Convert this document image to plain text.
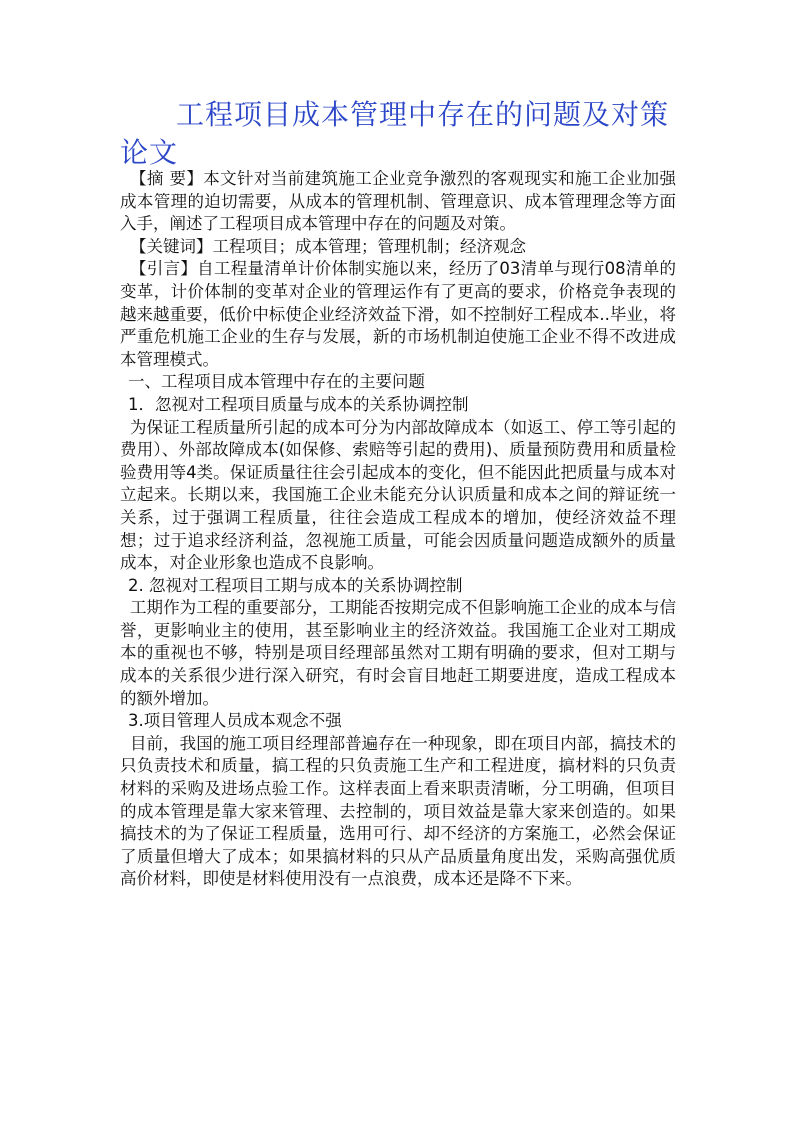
工程项目成本管理中存在的问题及对策论文

【摘 要】本文针对当前建筑施工企业竞争激烈的客观现实和施工企业加强成本管理的迫切需要，从成本的管理机制、管理意识、成本管理理念等方面入手，阐述了工程项目成本管理中存在的问题及对策。

【关键词】工程项目；成本管理；管理机制；经济观念

【引言】自工程量清单计价体制实施以来，经历了03清单与现行08清单的变革，计价体制的变革对企业的管理运作有了更高的要求，价格竞争表现的越来越重要，低价中标使企业经济效益下滑，如不控制好工程成本..毕业，将严重危机施工企业的生存与发展，新的市场机制迫使施工企业不得不改进成本管理模式。

一、工程项目成本管理中存在的主要问题

1．忽视对工程项目质量与成本的关系协调控制

为保证工程质量所引起的成本可分为内部故障成本（如返工、停工等引起的费用）、外部故障成本(如保修、索赔等引起的费用)、质量预防费用和质量检验费用等4类。保证质量往往会引起成本的变化，但不能因此把质量与成本对立起来。长期以来，我国施工企业未能充分认识质量和成本之间的辩证统一关系，过于强调工程质量，往往会造成工程成本的增加，使经济效益不理想；过于追求经济利益，忽视施工质量，可能会因质量问题造成额外的质量成本，对企业形象也造成不良影响。

2. 忽视对工程项目工期与成本的关系协调控制

工期作为工程的重要部分，工期能否按期完成不但影响施工企业的成本与信誉，更影响业主的使用，甚至影响业主的经济效益。我国施工企业对工期成本的重视也不够，特别是项目经理部虽然对工期有明确的要求，但对工期与成本的关系很少进行深入研究，有时会盲目地赶工期要进度，造成工程成本的额外增加。

3.项目管理人员成本观念不强

目前，我国的施工项目经理部普遍存在一种现象，即在项目内部，搞技术的只负责技术和质量，搞工程的只负责施工生产和工程进度，搞材料的只负责材料的采购及进场点验工作。这样表面上看来职责清晰，分工明确，但项目的成本管理是靠大家来管理、去控制的，项目效益是靠大家来创造的。如果搞技术的为了保证工程质量，选用可行、却不经济的方案施工，必然会保证了质量但增大了成本；如果搞材料的只从产品质量角度出发，采购高强优质高价材料，即使是材料使用没有一点浪费，成本还是降不下来。
